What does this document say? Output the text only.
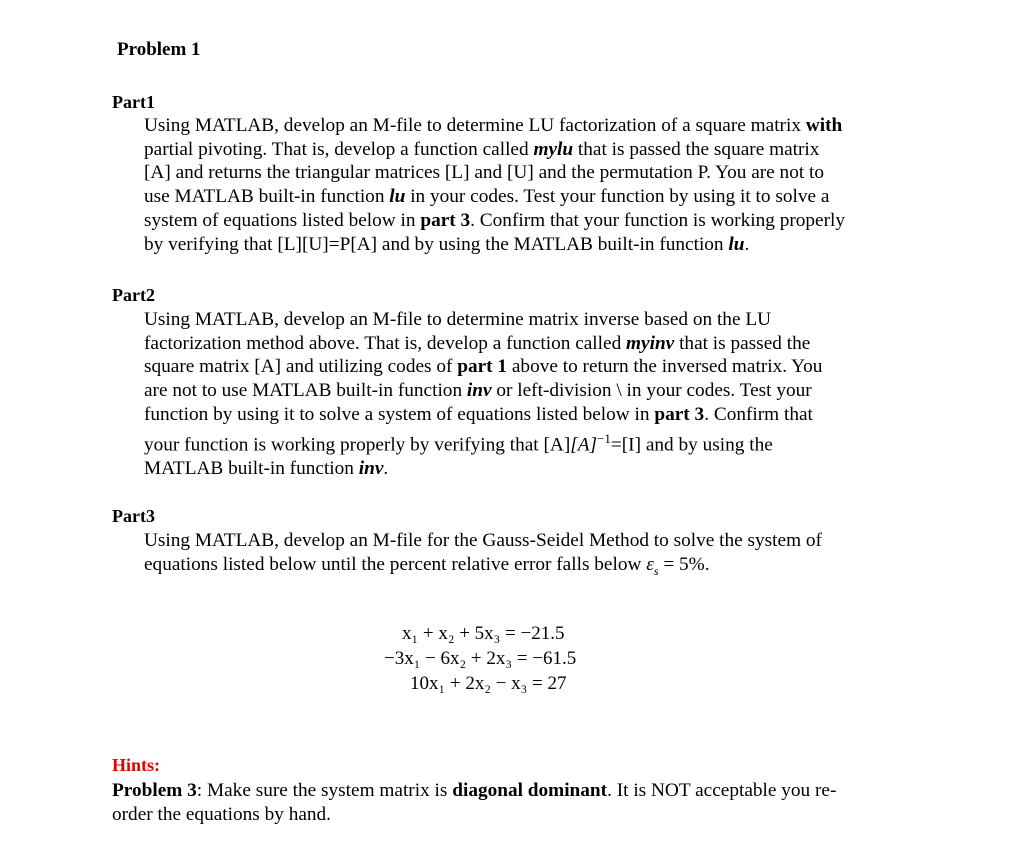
Problem 1
Part1
Using MATLAB, develop an M-file to determine LU factorization of a square matrix with
partial pivoting. That is, develop a function called mylu that is passed the square matrix
[A] and returns the triangular matrices [L] and [U] and the permutation P. You are not to
use MATLAB built-in function lu in your codes. Test your function by using it to solve a
system of equations listed below in part 3. Confirm that your function is working properly
by verifying that [L][U]=P[A] and by using the MATLAB built-in function lu.
Part2
Using MATLAB, develop an M-file to determine matrix inverse based on the LU
factorization method above. That is, develop a function called myinv that is passed the
square matrix [A] and utilizing codes of part 1 above to return the inversed matrix. You
are not to use MATLAB built-in function inv or left-division \ in your codes. Test your
function by using it to solve a system of equations listed below in part 3. Confirm that
your function is working properly by verifying that $[A][A]^{-1}=[I]$ and by using the
MATLAB built-in function inv.
Part3
Using MATLAB, develop an M-file for the Gauss-Seidel Method to solve the system of
equations listed below until the percent relative error falls below $\varepsilon_s = 5\%$.
x₁ + x₂ + 5x₃ = −21.5
−3x₁ − 6x₂ + 2x₃ = −61.5
10x₁ + 2x₂ − x₃ = 27
Hints:
Problem 3: Make sure the system matrix is diagonal dominant. It is NOT acceptable you re-
order the equations by hand.
